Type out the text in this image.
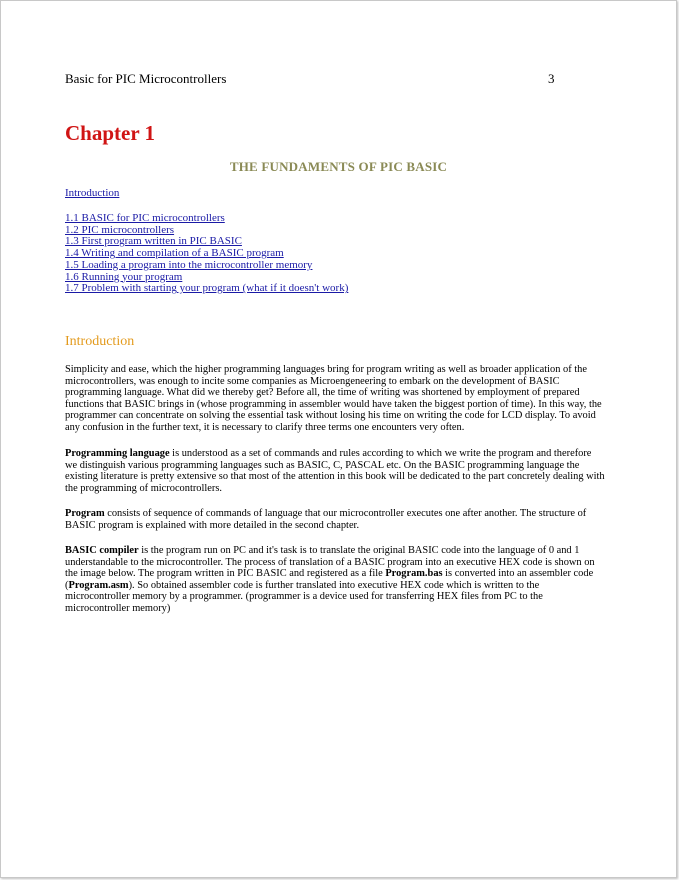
Basic for PIC Microcontrollers	3
Chapter 1
THE FUNDAMENTS OF PIC BASIC
Introduction
1.1 BASIC for PIC microcontrollers
1.2 PIC microcontrollers
1.3 First program written in PIC BASIC
1.4 Writing and compilation of a BASIC program
1.5 Loading a program into the microcontroller memory
1.6 Running your program
1.7 Problem with starting your program (what if it doesn't work)
Introduction

Simplicity and ease, which the higher programming languages bring for program writing as well as broader application of the microcontrollers, was enough to incite some companies as Microengeneering to embark on the development of BASIC programming language. What did we thereby get? Before all, the time of writing was shortened by employment of prepared functions that BASIC brings in (whose programming in assembler would have taken the biggest portion of time). In this way, the programmer can concentrate on solving the essential task without losing his time on writing the code for LCD display. To avoid any confusion in the further text, it is necessary to clarify three terms one encounters very often.

Programming language is understood as a set of commands and rules according to which we write the program and therefore we distinguish various programming languages such as BASIC, C, PASCAL etc. On the BASIC programming language the existing literature is pretty extensive so that most of the attention in this book will be dedicated to the part concretely dealing with the programming of microcontrollers.

Program consists of sequence of commands of language that our microcontroller executes one after another. The structure of BASIC program is explained with more detailed in the second chapter.

BASIC compiler is the program run on PC and it's task is to translate the original BASIC code into the language of 0 and 1 understandable to the microcontroller. The process of translation of a BASIC program into an executive HEX code is shown on the image below. The program written in PIC BASIC and registered as a file Program.bas is converted into an assembler code (Program.asm). So obtained assembler code is further translated into executive HEX code which is written to the microcontroller memory by a programmer. (programmer is a device used for transferring HEX files from PC to the microcontroller memory)
